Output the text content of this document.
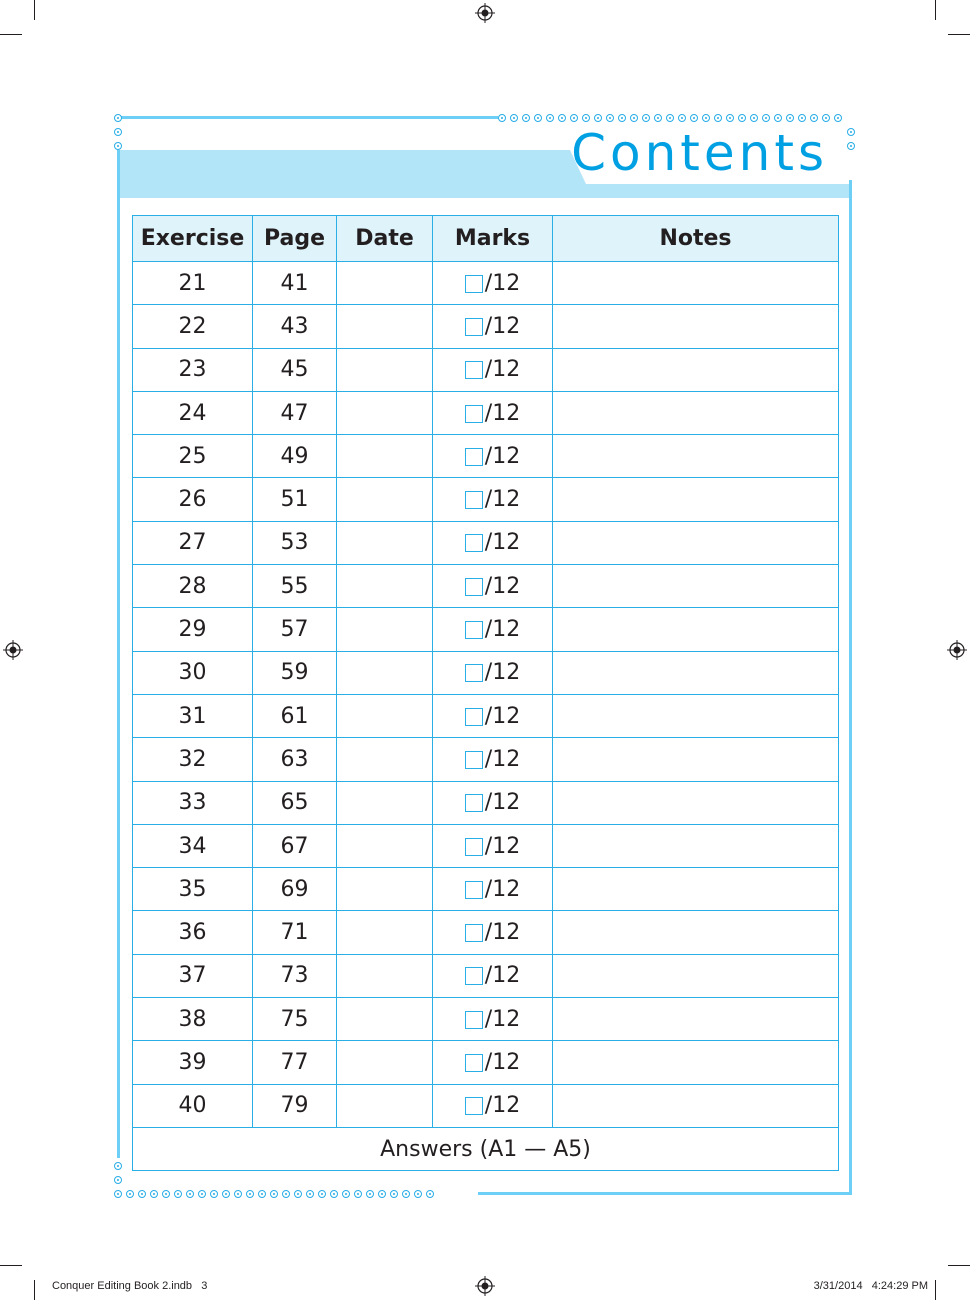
Contents
Exercise	Page	Date	Marks	Notes
21	41		/12	
22	43		/12	
23	45		/12	
24	47		/12	
25	49		/12	
26	51		/12	
27	53		/12	
28	55		/12	
29	57		/12	
30	59		/12	
31	61		/12	
32	63		/12	
33	65		/12	
34	67		/12	
35	69		/12	
36	71		/12	
37	73		/12	
38	75		/12	
39	77		/12	
40	79		/12	
Answers (A1 — A5)				
Conquer Editing Book 2.indb   3	3/31/2014   4:24:29 PM
